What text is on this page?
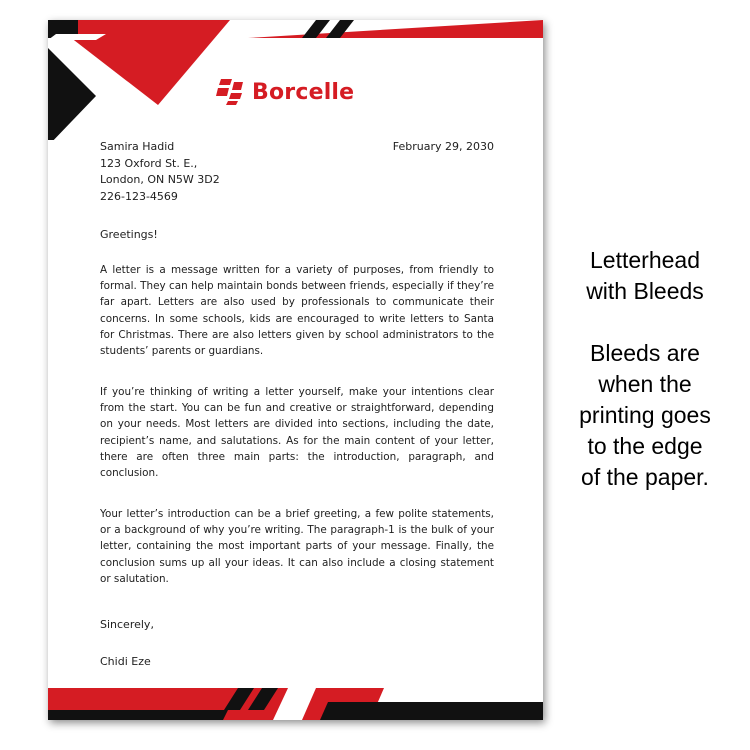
Borcelle
Samira Hadid
123 Oxford St. E.,
London, ON N5W 3D2
226-123-4569
February 29, 2030
Greetings!

A letter is a message written for a variety of purposes, from friendly to formal. They can help maintain bonds between friends, especially if they’re far apart. Letters are also used by professionals to communicate their concerns. In some schools, kids are encouraged to write letters to Santa for Christmas. There are also letters given by school administrators to the students’ parents or guardians.

If you’re thinking of writing a letter yourself, make your intentions clear from the start. You can be fun and creative or straightforward, depending on your needs. Most letters are divided into sections, including the date, recipient’s name, and salutations. As for the main content of your letter, there are often three main parts: the introduction, paragraph, and conclusion.

Your letter’s introduction can be a brief greeting, a few polite statements, or a background of why you’re writing. The paragraph-1 is the bulk of your letter, containing the most important parts of your message. Finally, the conclusion sums up all your ideas. It can also include a closing statement or salutation.

Sincerely,
Chidi Eze
Letterhead
with Bleeds
Bleeds are
when the
printing goes
to the edge
of the paper.
